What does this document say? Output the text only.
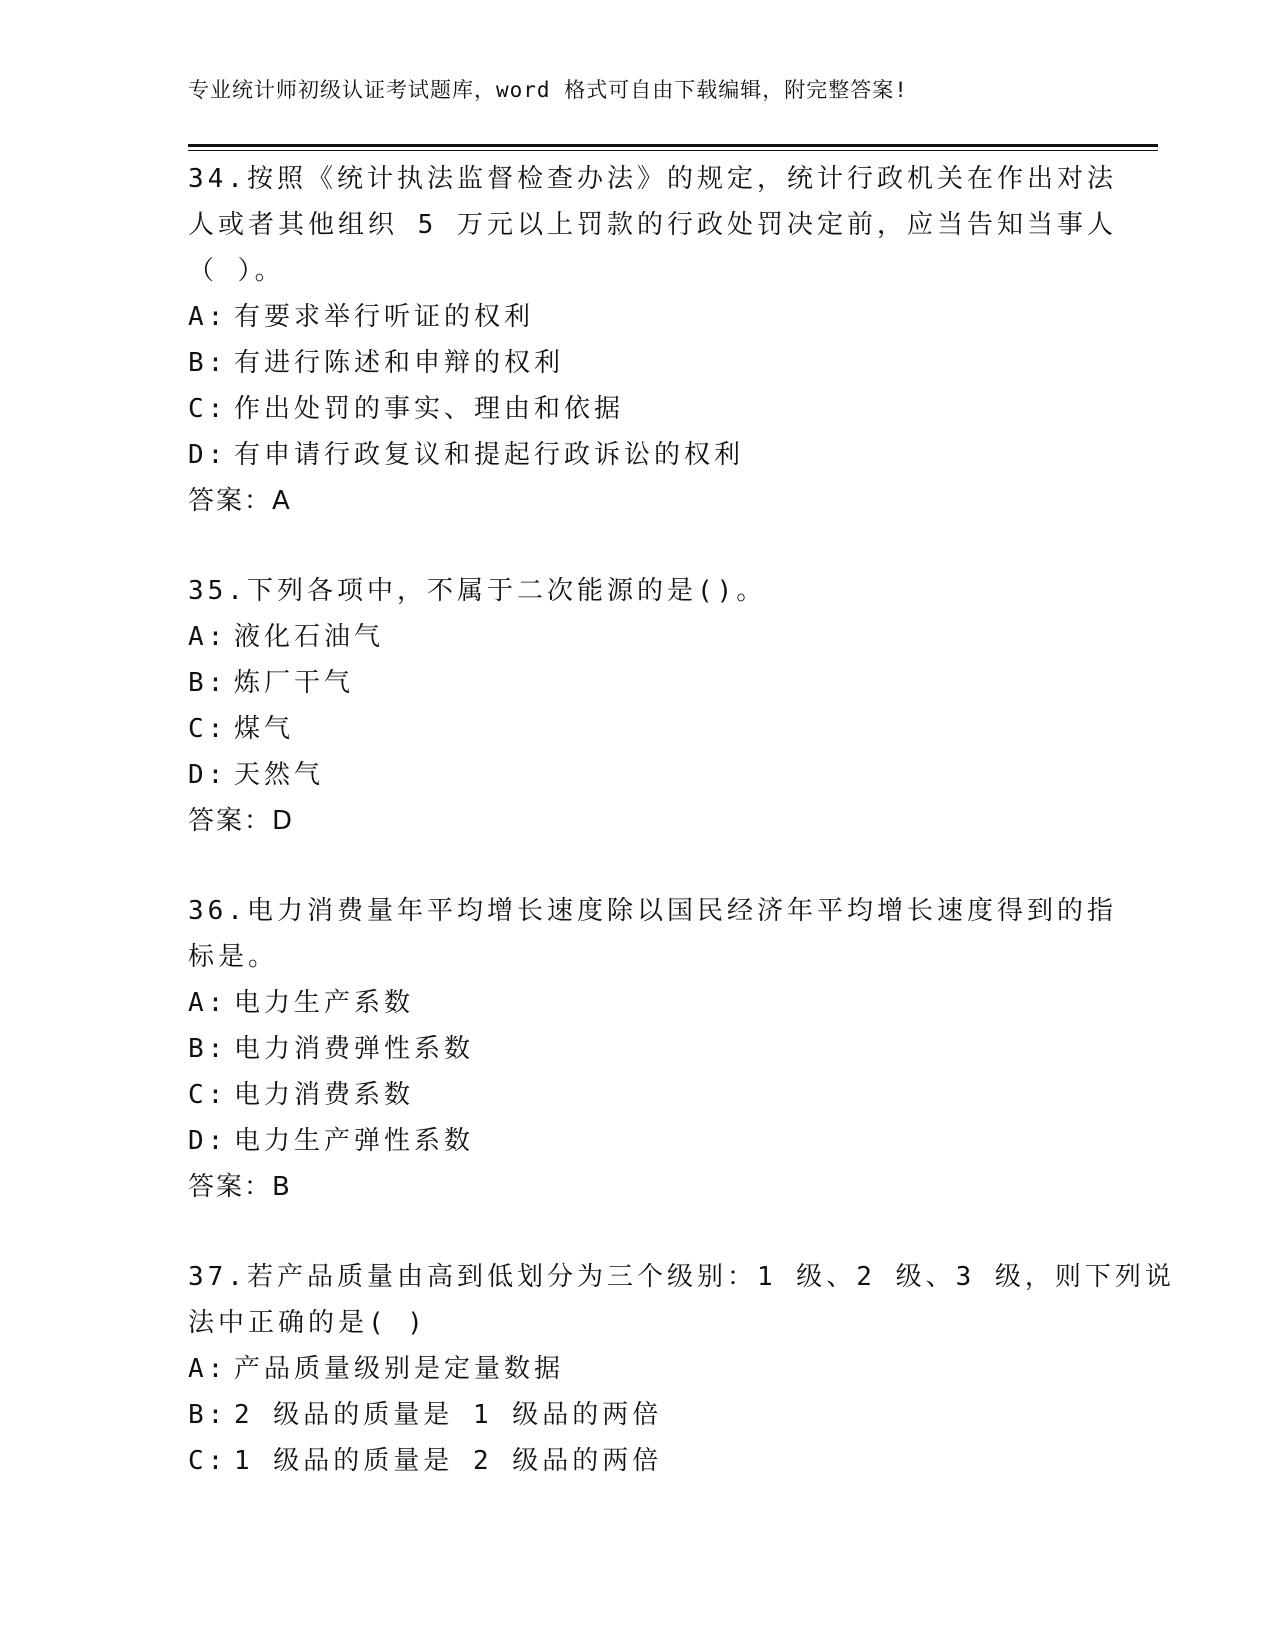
专业统计师初级认证考试题库，word 格式可自由下载编辑，附完整答案!
34.按照《统计执法监督检查办法》的规定，统计行政机关在作出对法
人或者其他组织 5 万元以上罚款的行政处罚决定前，应当告知当事人
（ ）。
A: 有要求举行听证的权利
B: 有进行陈述和申辩的权利
C: 作出处罚的事实、理由和依据
D: 有申请行政复议和提起行政诉讼的权利
答案：A
35.下列各项中，不属于二次能源的是()。
A: 液化石油气
B: 炼厂干气
C: 煤气
D: 天然气
答案：D
36.电力消费量年平均增长速度除以国民经济年平均增长速度得到的指
标是。
A: 电力生产系数
B: 电力消费弹性系数
C: 电力消费系数
D: 电力生产弹性系数
答案：B
37.若产品质量由高到低划分为三个级别：1 级、2 级、3 级，则下列说
法中正确的是( )
A: 产品质量级别是定量数据
B: 2 级品的质量是 1 级品的两倍
C: 1 级品的质量是 2 级品的两倍
